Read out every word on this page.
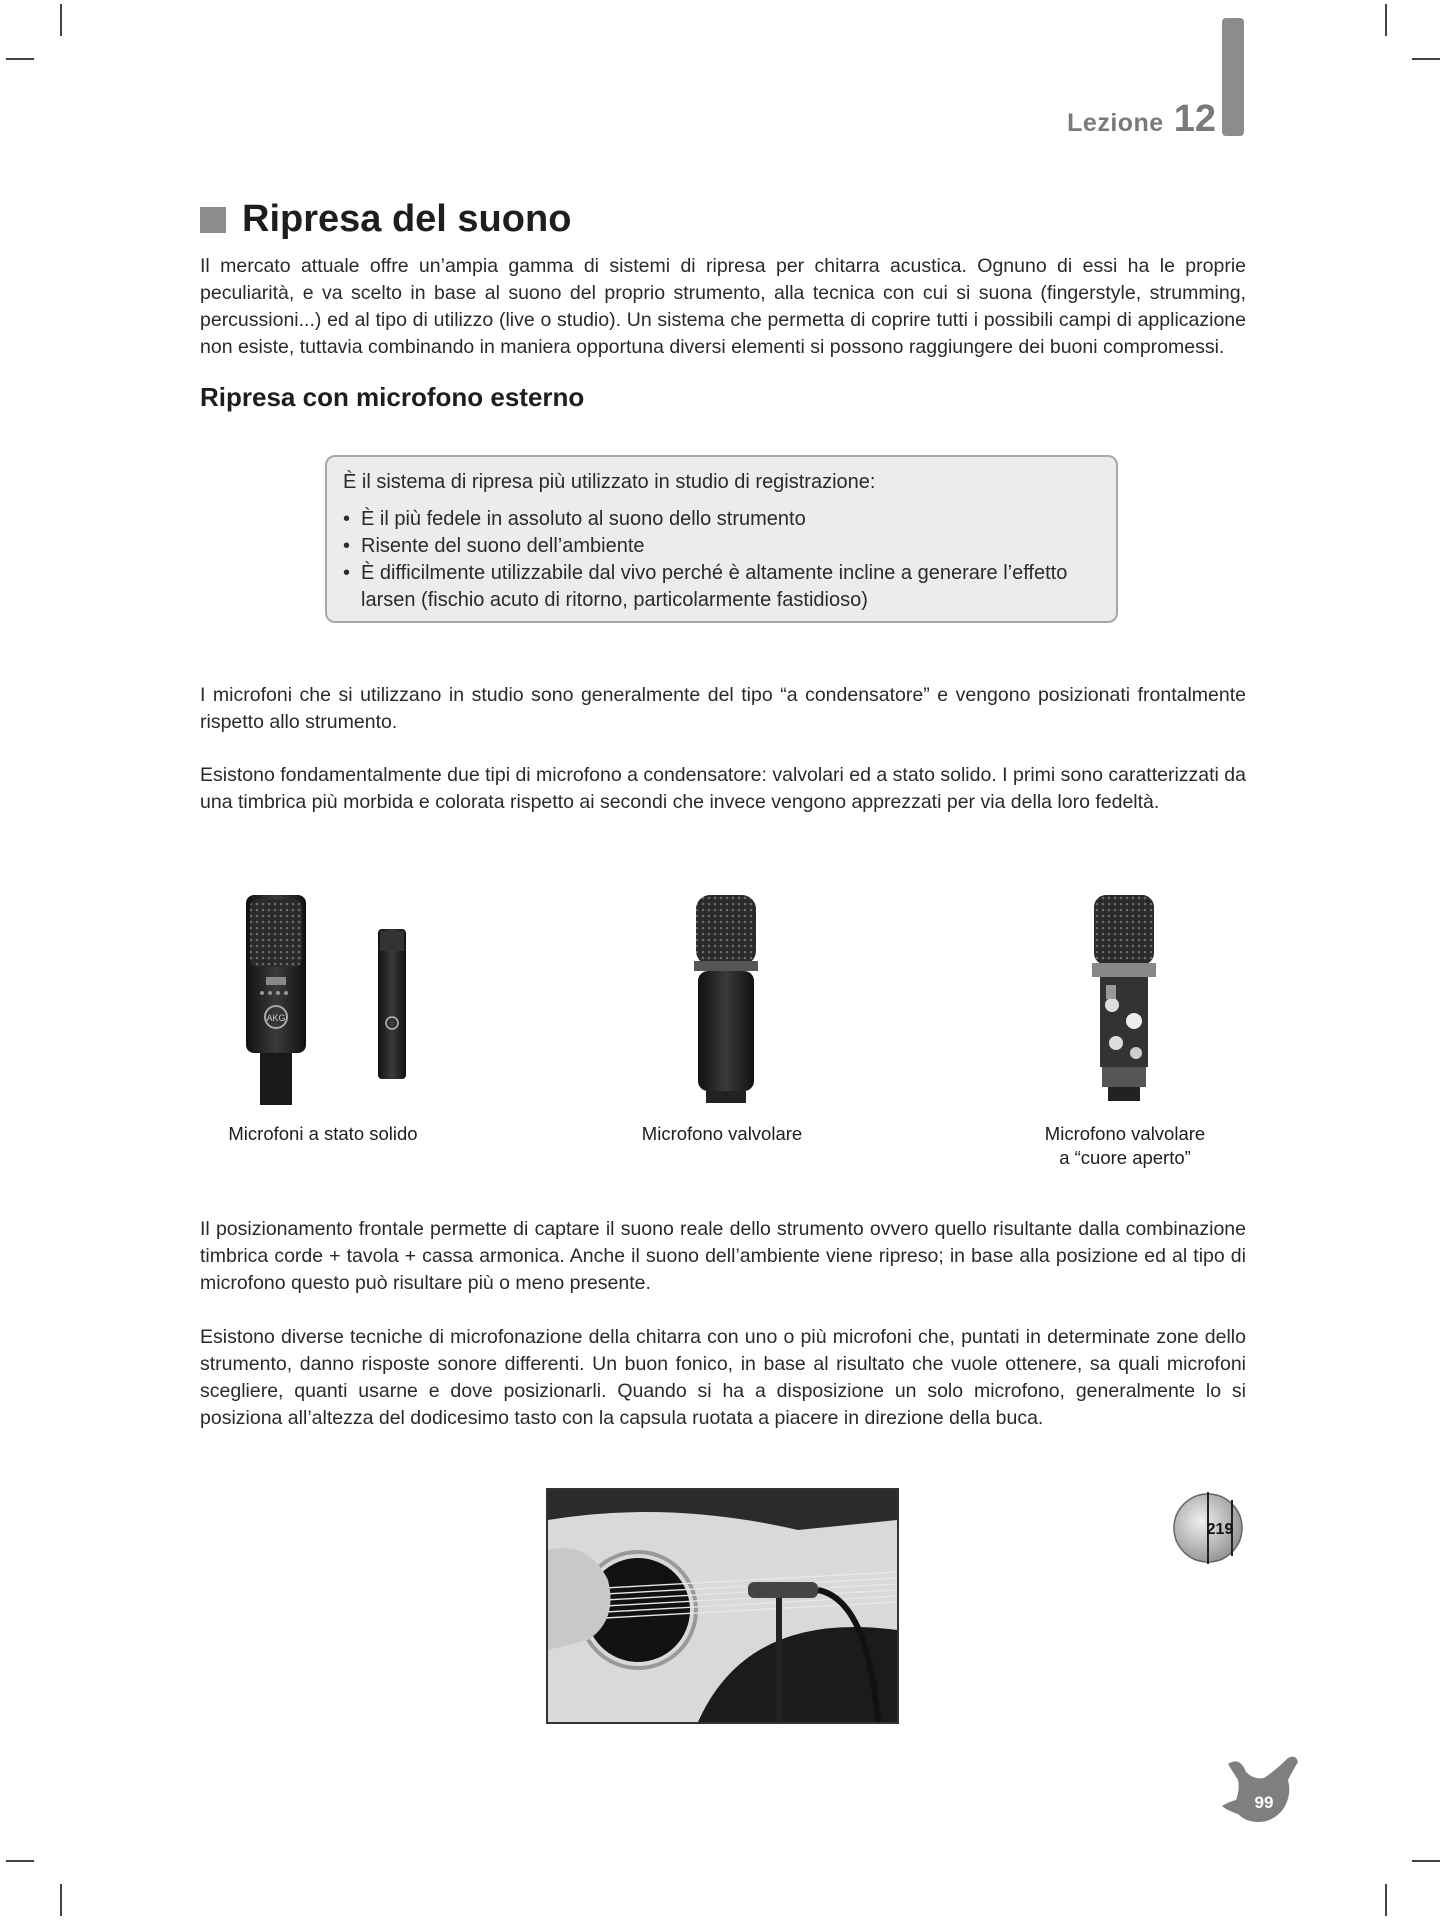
Lezione 12
Ripresa del suono

Il mercato attuale offre un’ampia gamma di sistemi di ripresa per chitarra acustica. Ognuno di essi ha le proprie peculiarità, e va scelto in base al suono del proprio strumento, alla tecnica con cui si suona (fingerstyle, strumming, percussioni...) ed al tipo di utilizzo (live o studio). Un sistema che permetta di coprire tutti i possibili campi di applicazione non esiste, tuttavia combinando in maniera opportuna diversi elementi si possono raggiungere dei buoni compromessi.

Ripresa con microfono esterno

È il sistema di ripresa più utilizzato in studio di registrazione:

• È il più fedele in assoluto al suono dello strumento
• Risente del suono dell’ambiente
• È difficilmente utilizzabile dal vivo perché è altamente incline a generare l’effetto larsen (fischio acuto di ritorno, particolarmente fastidioso)

I microfoni che si utilizzano in studio sono generalmente del tipo “a condensatore” e vengono posizionati frontalmente rispetto allo strumento.

Esistono fondamentalmente due tipi di microfono a condensatore: valvolari ed a stato solido. I primi sono caratterizzati da una timbrica più morbida e colorata rispetto ai secondi che invece vengono apprezzati per via della loro fedeltà.

AKG
Microfoni a stato solido	Microfono valvolare	Microfono valvolare
a “cuore aperto”

Il posizionamento frontale permette di captare il suono reale dello strumento ovvero quello risultante dalla combinazione timbrica corde + tavola + cassa armonica. Anche il suono dell’ambiente viene ripreso; in base alla posizione ed al tipo di microfono questo può risultare più o meno presente.

Esistono diverse tecniche di microfonazione della chitarra con uno o più microfoni che, puntati in determinate zone dello strumento, danno risposte sonore differenti. Un buon fonico, in base al risultato che vuole ottenere, sa quali microfoni scegliere, quanti usarne e dove posizionarli. Quando si ha a disposizione un solo microfono, generalmente lo si posiziona all’altezza del dodicesimo tasto con la capsula ruotata a piacere in direzione della buca.

219
99
